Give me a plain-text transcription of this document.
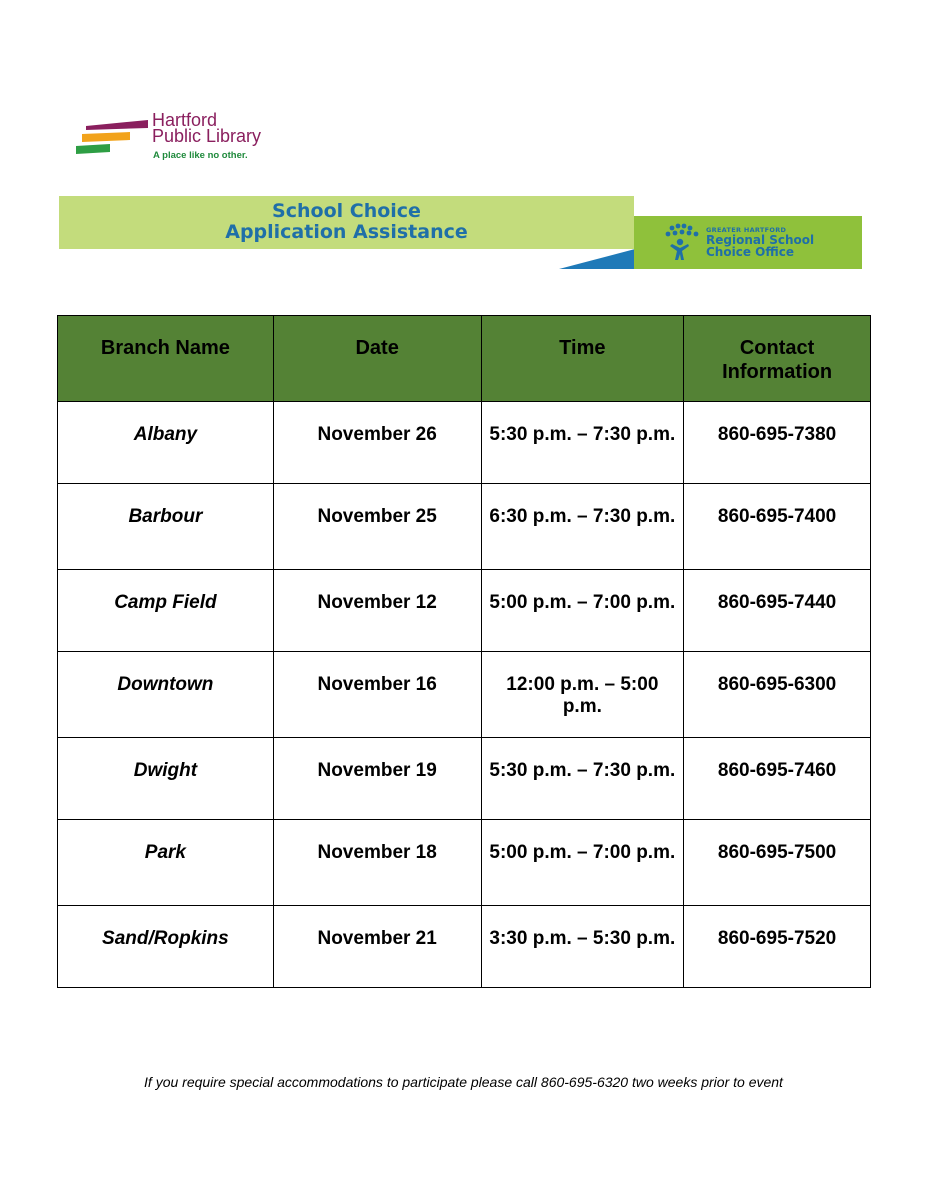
Hartford
Public Library
A place like no other.
School Choice
Application Assistance	GREATER HARTFORD
Regional School
Choice Office
Branch Name	Date	Time	Contact Information
Albany	November 26	5:30 p.m. – 7:30 p.m.	860-695-7380
Barbour	November 25	6:30 p.m. – 7:30 p.m.	860-695-7400
Camp Field	November 12	5:00 p.m. – 7:00 p.m.	860-695-7440
Downtown	November 16	12:00 p.m. – 5:00 p.m.	860-695-6300
Dwight	November 19	5:30 p.m. – 7:30 p.m.	860-695-7460
Park	November 18	5:00 p.m. – 7:00 p.m.	860-695-7500
Sand/Ropkins	November 21	3:30 p.m. – 5:30 p.m.	860-695-7520
If you require special accommodations to participate please call 860-695-6320 two weeks prior to event
